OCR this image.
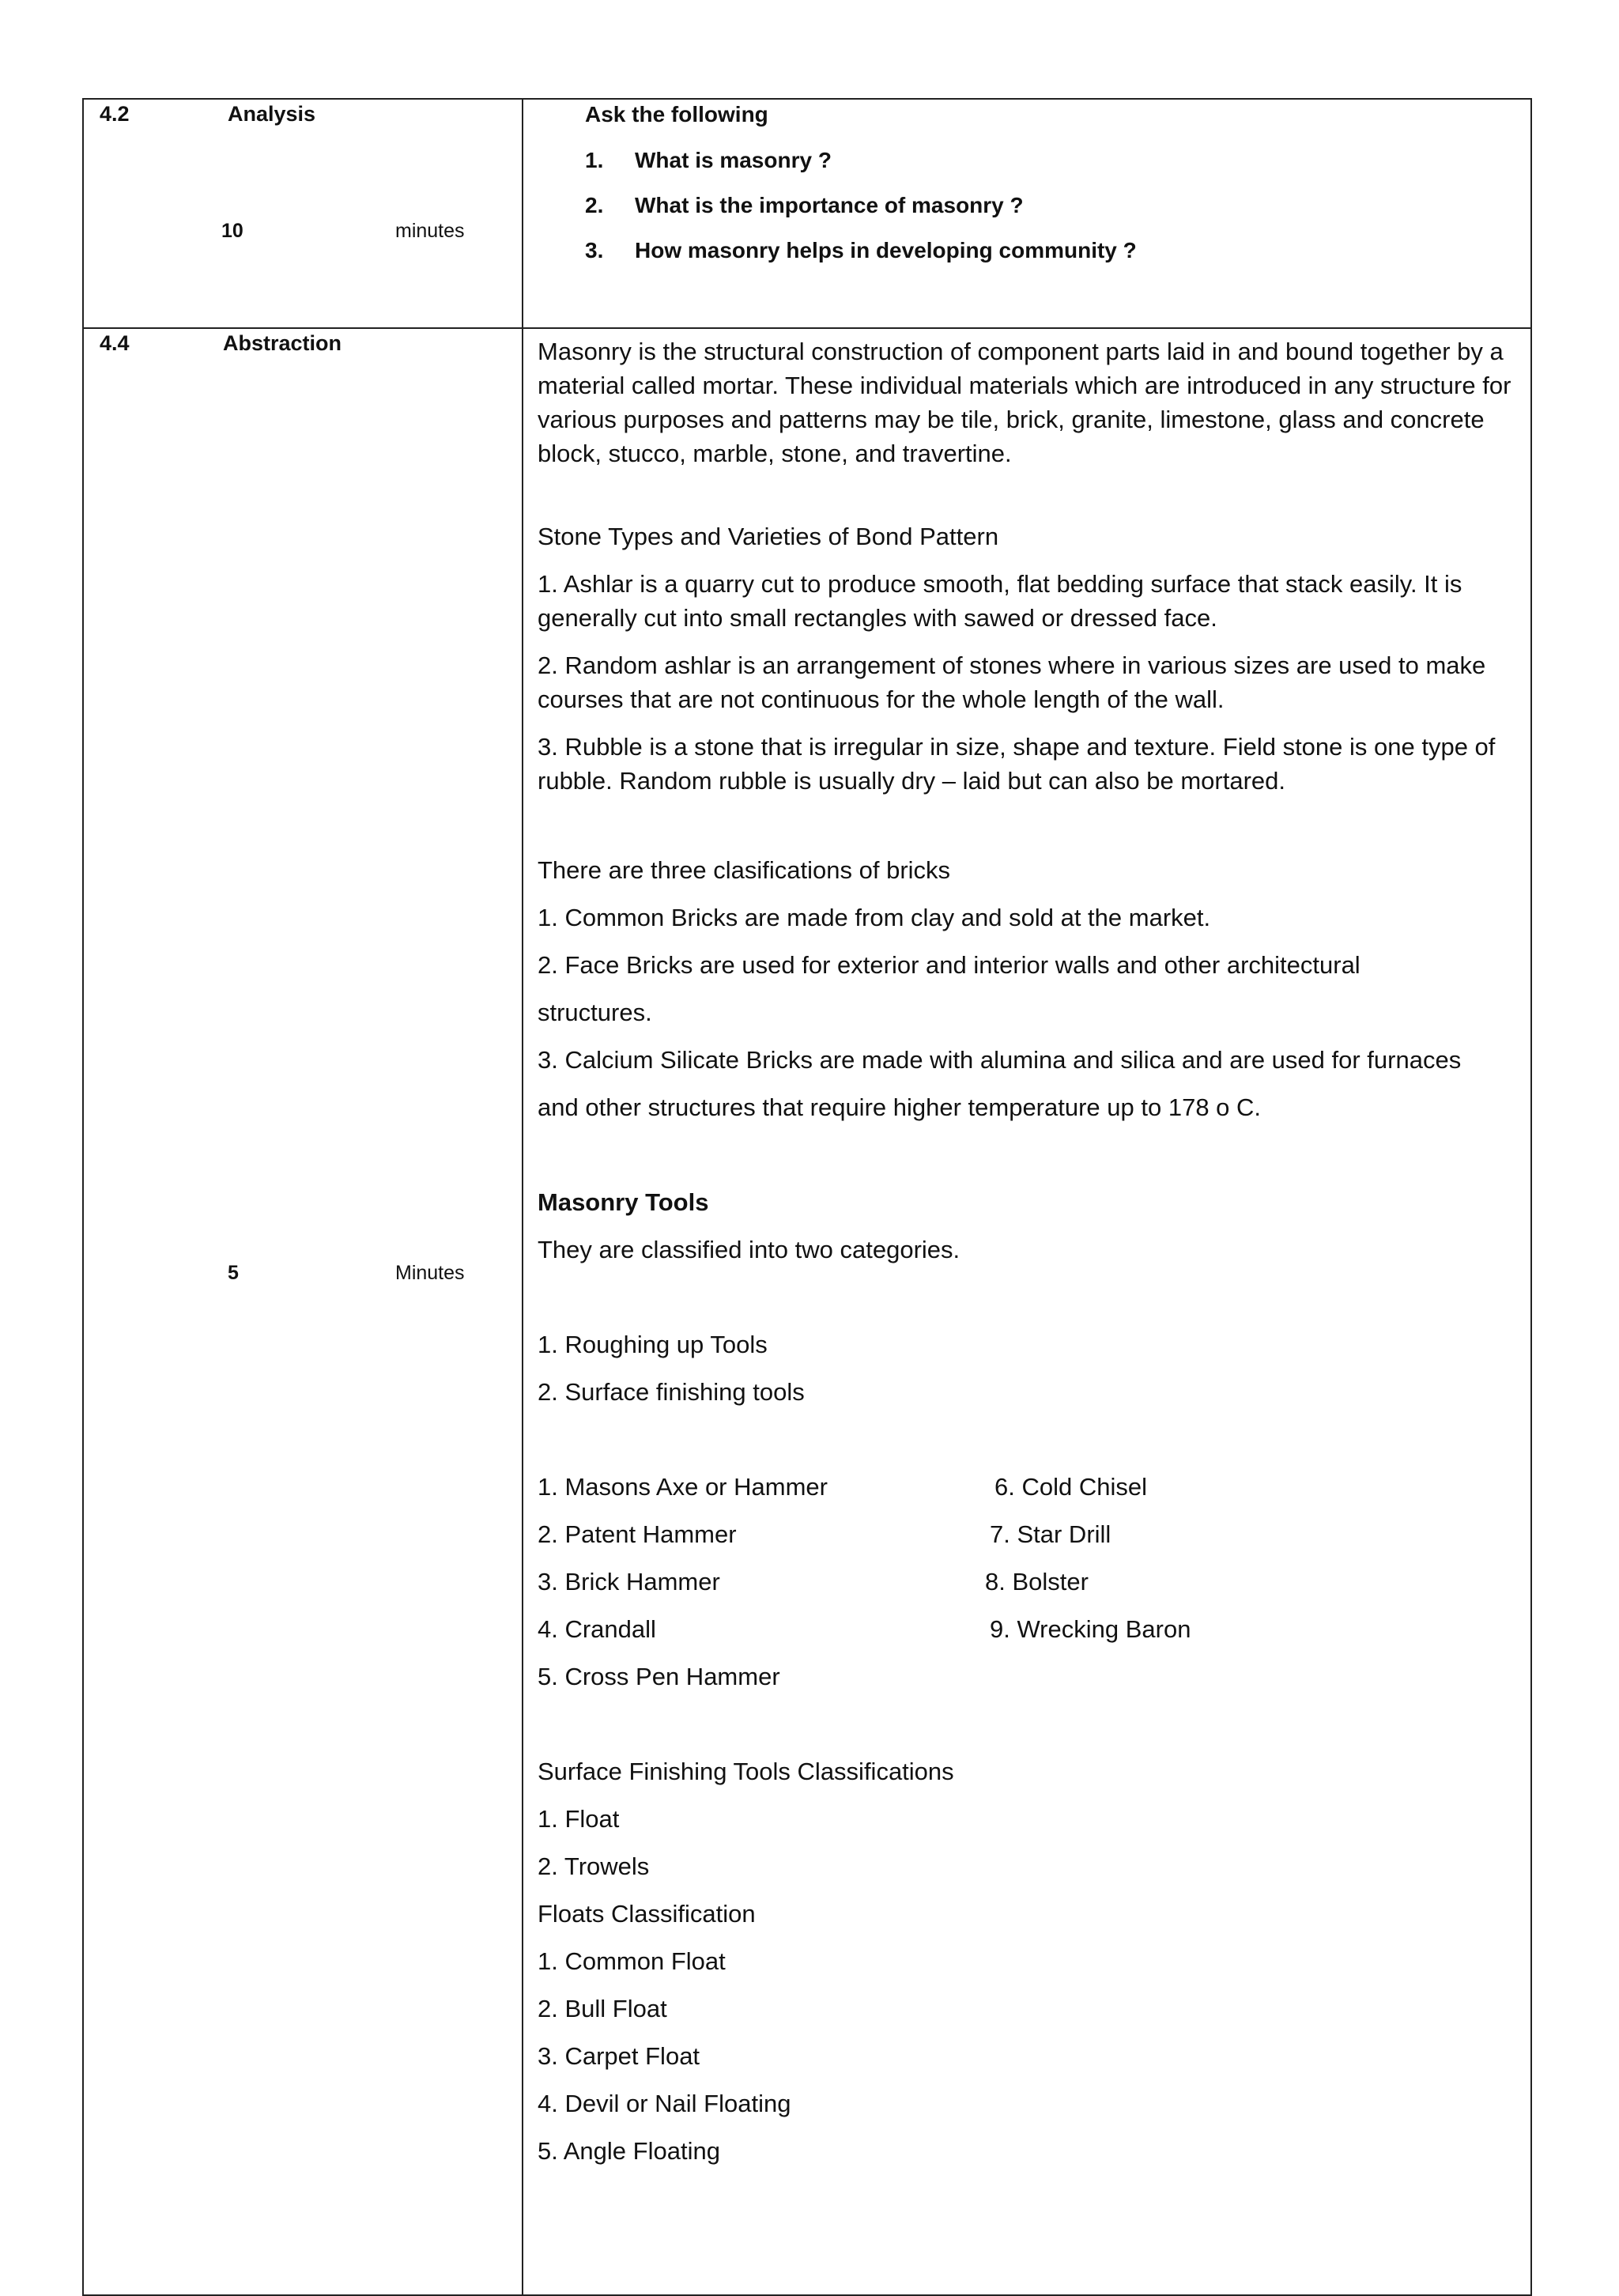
4.2	Analysis
10	minutes
Ask the following
1. What is masonry ?
2. What is the importance of masonry ?
3. How masonry helps in developing community ?
4.4	Abstraction
5	Minutes

Masonry is the structural construction of component parts laid in and bound together by a material called mortar. These individual materials which are introduced in any structure for various purposes and patterns may be tile, brick, granite, limestone, glass and concrete block, stucco, marble, stone, and travertine.

Stone Types and Varieties of Bond Pattern

1. Ashlar is a quarry cut to produce smooth, flat bedding surface that stack easily. It is generally cut into small rectangles with sawed or dressed face.

2. Random ashlar is an arrangement of stones where in various sizes are used to make courses that are not continuous for the whole length of the wall.

3. Rubble is a stone that is irregular in size, shape and texture. Field stone is one type of rubble. Random rubble is usually dry – laid but can also be mortared.

There are three clasifications of bricks

1. Common Bricks are made from clay and sold at the market.

2. Face Bricks are used for exterior and interior walls and other architectural

structures.

3. Calcium Silicate Bricks are made with alumina and silica and are used for furnaces

and other structures that require higher temperature up to 178 o C.

Masonry Tools

They are classified into two categories.

1. Roughing up Tools

2. Surface finishing tools

1. Masons Axe or Hammer

2. Patent Hammer

3. Brick Hammer

4. Crandall

5. Cross Pen Hammer

6. Cold Chisel
7. Star Drill
8. Bolster
9. Wrecking Baron

Surface Finishing Tools Classifications

1. Float

2. Trowels

Floats Classification

1. Common Float

2. Bull Float

3. Carpet Float

4. Devil or Nail Floating

5. Angle Floating
